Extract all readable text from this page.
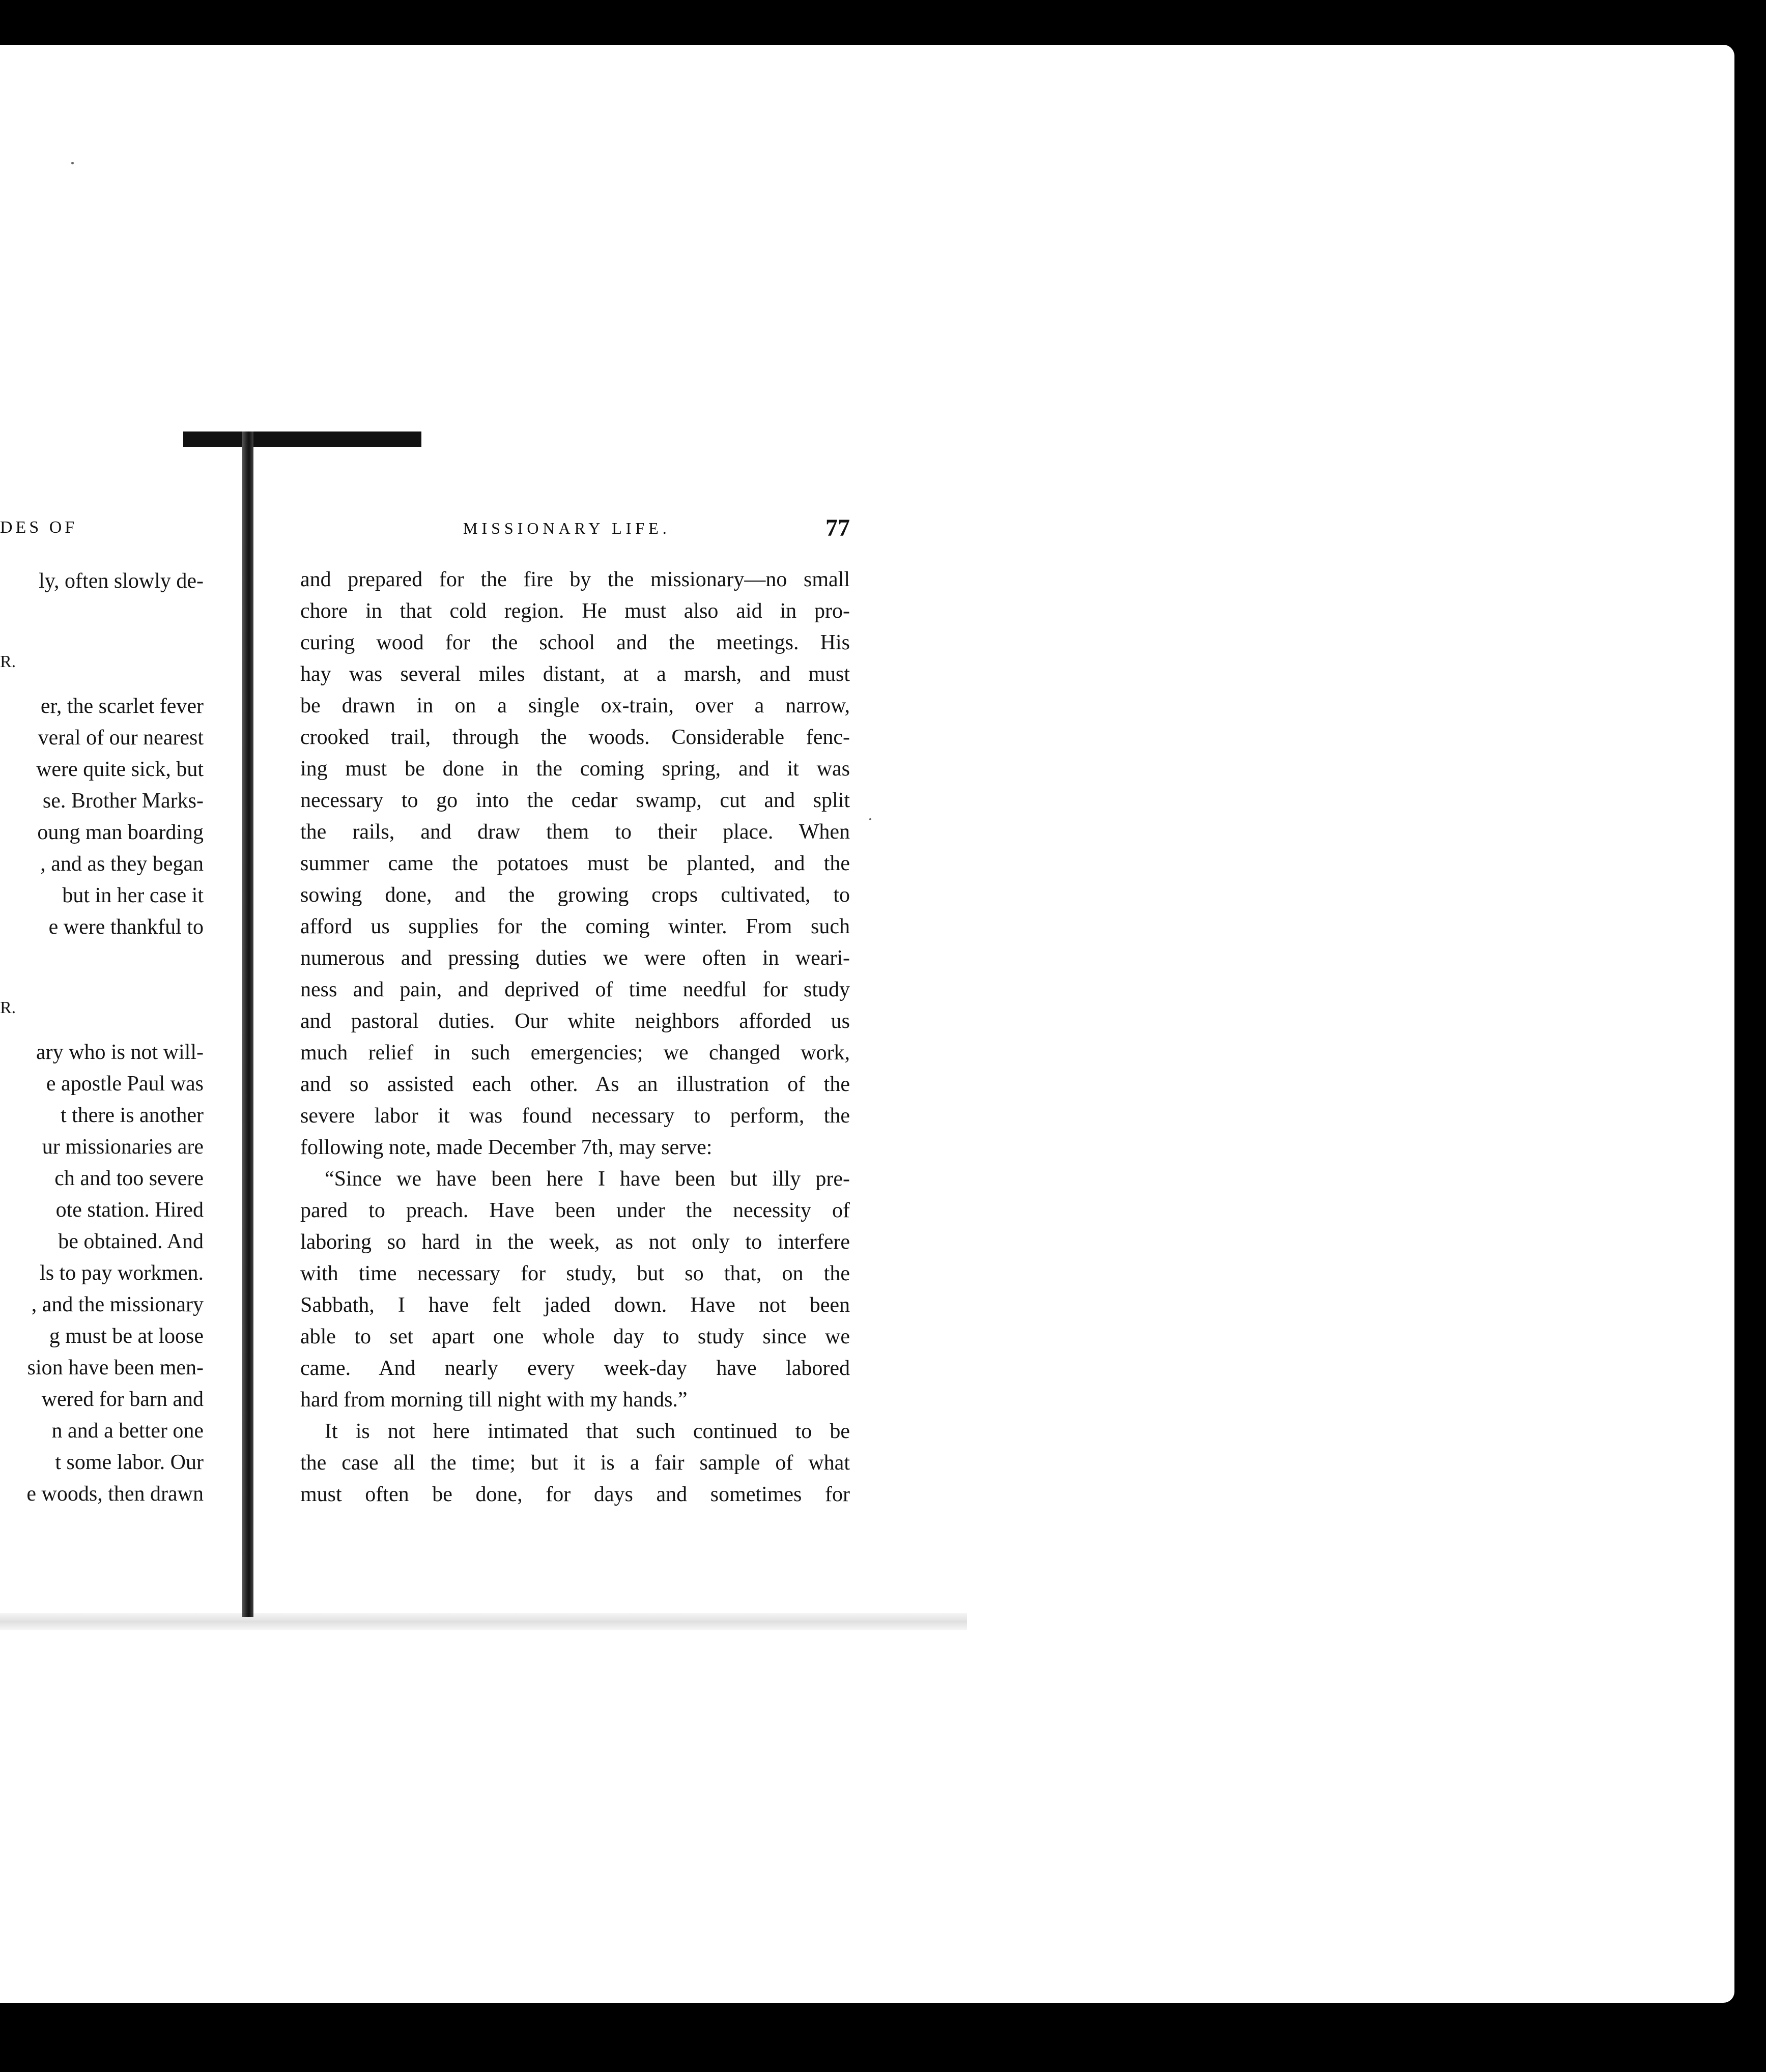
DES OF
ly, often slowly de-
R.
er, the scarlet fever
veral of our nearest
were quite sick, but
se. Brother Marks-
oung man boarding
, and as they began
but in her case it
e were thankful to
R.
ary who is not will-
e apostle Paul was
t there is another
ur missionaries are
ch and too severe
ote station. Hired
be obtained. And
ls to pay workmen.
, and the missionary
g must be at loose
sion have been men-
wered for barn and
n and a better one
t some labor. Our
e woods, then drawn
MISSIONARY LIFE.	77
and prepared for the fire by the missionary—no small
chore in that cold region. He must also aid in pro-
curing wood for the school and the meetings. His
hay was several miles distant, at a marsh, and must
be drawn in on a single ox-train, over a narrow,
crooked trail, through the woods. Considerable fenc-
ing must be done in the coming spring, and it was
necessary to go into the cedar swamp, cut and split
the rails, and draw them to their place. When
summer came the potatoes must be planted, and the
sowing done, and the growing crops cultivated, to
afford us supplies for the coming winter. From such
numerous and pressing duties we were often in weari-
ness and pain, and deprived of time needful for study
and pastoral duties. Our white neighbors afforded us
much relief in such emergencies; we changed work,
and so assisted each other. As an illustration of the
severe labor it was found necessary to perform, the
following note, made December 7th, may serve:
“Since we have been here I have been but illy pre-
pared to preach. Have been under the necessity of
laboring so hard in the week, as not only to interfere
with time necessary for study, but so that, on the
Sabbath, I have felt jaded down. Have not been
able to set apart one whole day to study since we
came. And nearly every week-day have labored
hard from morning till night with my hands.”
It is not here intimated that such continued to be
the case all the time; but it is a fair sample of what
must often be done, for days and sometimes for
